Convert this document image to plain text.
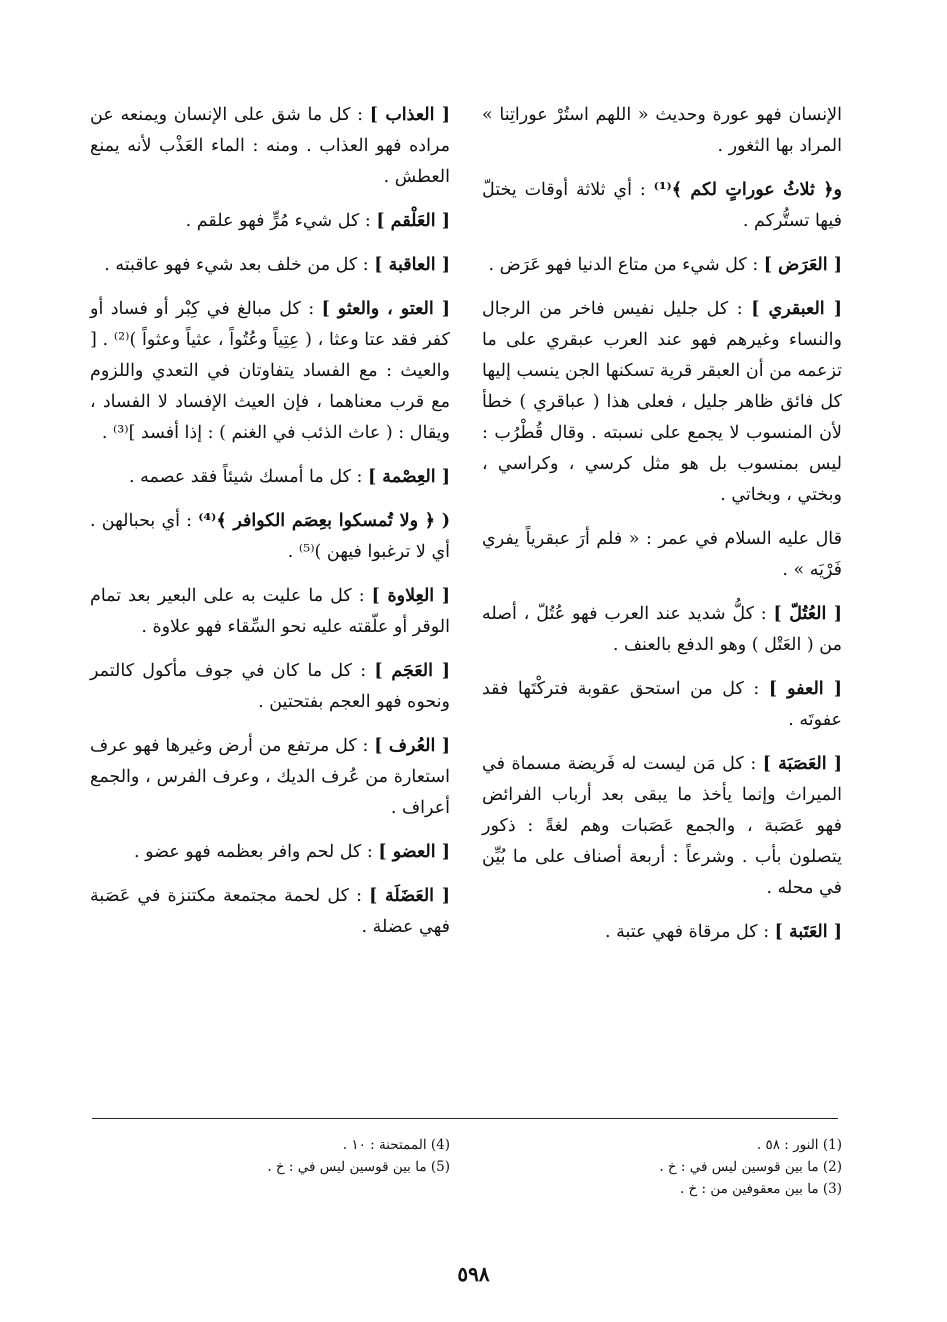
الإنسان فهو عورة وحديث « اللهم استُرْ عوراتِنا » المراد بها الثغور .

و﴿ ثلاثُ عوراتٍ لكم ﴾⁽¹⁾ : أي ثلاثة أوقات يختلّ فيها تستُّركم .

[ العَرَض ] : كل شيء من متاع الدنيا فهو عَرَض .

[ العبقري ] : كل جليل نفيس فاخر من الرجال والنساء وغيرهم فهو عند العرب عبقري على ما تزعمه من أن العبقر قرية تسكنها الجن ينسب إليها كل فائق ظاهر جليل ، فعلى هذا ( عباقري ) خطأ لأن المنسوب لا يجمع على نسبته . وقال قُطْرُب : ليس بمنسوب بل هو مثل كرسي ، وكراسي ، وبختي ، وبخاتي .

قال عليه السلام في عمر : « فلم أرَ عبقرياً يفري فَرْيَه » .

[ العُتُلّ ] : كلُّ شديد عند العرب فهو عُتُلّ ، أصله من ( العَتْل ) وهو الدفع بالعنف .

[ العفو ] : كل من استحق عقوبة فتركْتَها فقد عفوتَه .

[ العَصَبَة ] : كل مَن ليست له فَريضة مسماة في الميراث وإنما يأخذ ما يبقى بعد أرباب الفرائض فهو عَصَبة ، والجمع عَصَبات وهم لغةً : ذكور يتصلون بأب . وشرعاً : أربعة أصناف على ما بُيِّن في محله .

[ العَتَبة ] : كل مرقاة فهي عتبة .

[ العذاب ] : كل ما شق على الإنسان ويمنعه عن مراده فهو العذاب . ومنه : الماء العَذْب لأنه يمنع العطش .

[ العَلْقم ] : كل شيء مُرٍّ فهو علقم .

[ العاقبة ] : كل من خلف بعد شيء فهو عاقبته .

[ العتو ، والعثو ] : كل مبالغ في كِبْر أو فساد أو كفر فقد عتا وعثا ، ( عِتِياً وعُتُواً ، عثياً وعثواً )⁽²⁾ . [ والعيث : مع الفساد يتفاوتان في التعدي واللزوم مع قرب معناهما ، فإن العيث الإفساد لا الفساد ، ويقال : ( عاث الذئب في الغنم ) : إذا أفسد ]⁽³⁾ .

[ العِصْمة ] : كل ما أمسك شيئاً فقد عصمه .

( ﴿ ولا تُمسكوا بعِصَم الكوافر ﴾⁽⁴⁾ : أي بحبالهن . أي لا ترغبوا فيهن )⁽⁵⁾ .

[ العِلاوة ] : كل ما عليت به على البعير بعد تمام الوقر أو علّقته عليه نحو السِّقاء فهو علاوة .

[ العَجَم ] : كل ما كان في جوف مأكول كالتمر ونحوه فهو العجم بفتحتين .

[ العُرف ] : كل مرتفع من أرض وغيرها فهو عرف استعارة من عُرف الديك ، وعرف الفرس ، والجمع أعراف .

[ العضو ] : كل لحم وافر بعظمه فهو عضو .

[ العَضَلَة ] : كل لحمة مجتمعة مكتنزة في عَصَبة فهي عضلة .

(1) النور : ٥٨ .

(2) ما بين قوسين ليس في : خ .

(3) ما بين معقوفين من : خ .

(4) الممتحنة : ١٠ .

(5) ما بين قوسين ليس في : خ .

٥٩٨
